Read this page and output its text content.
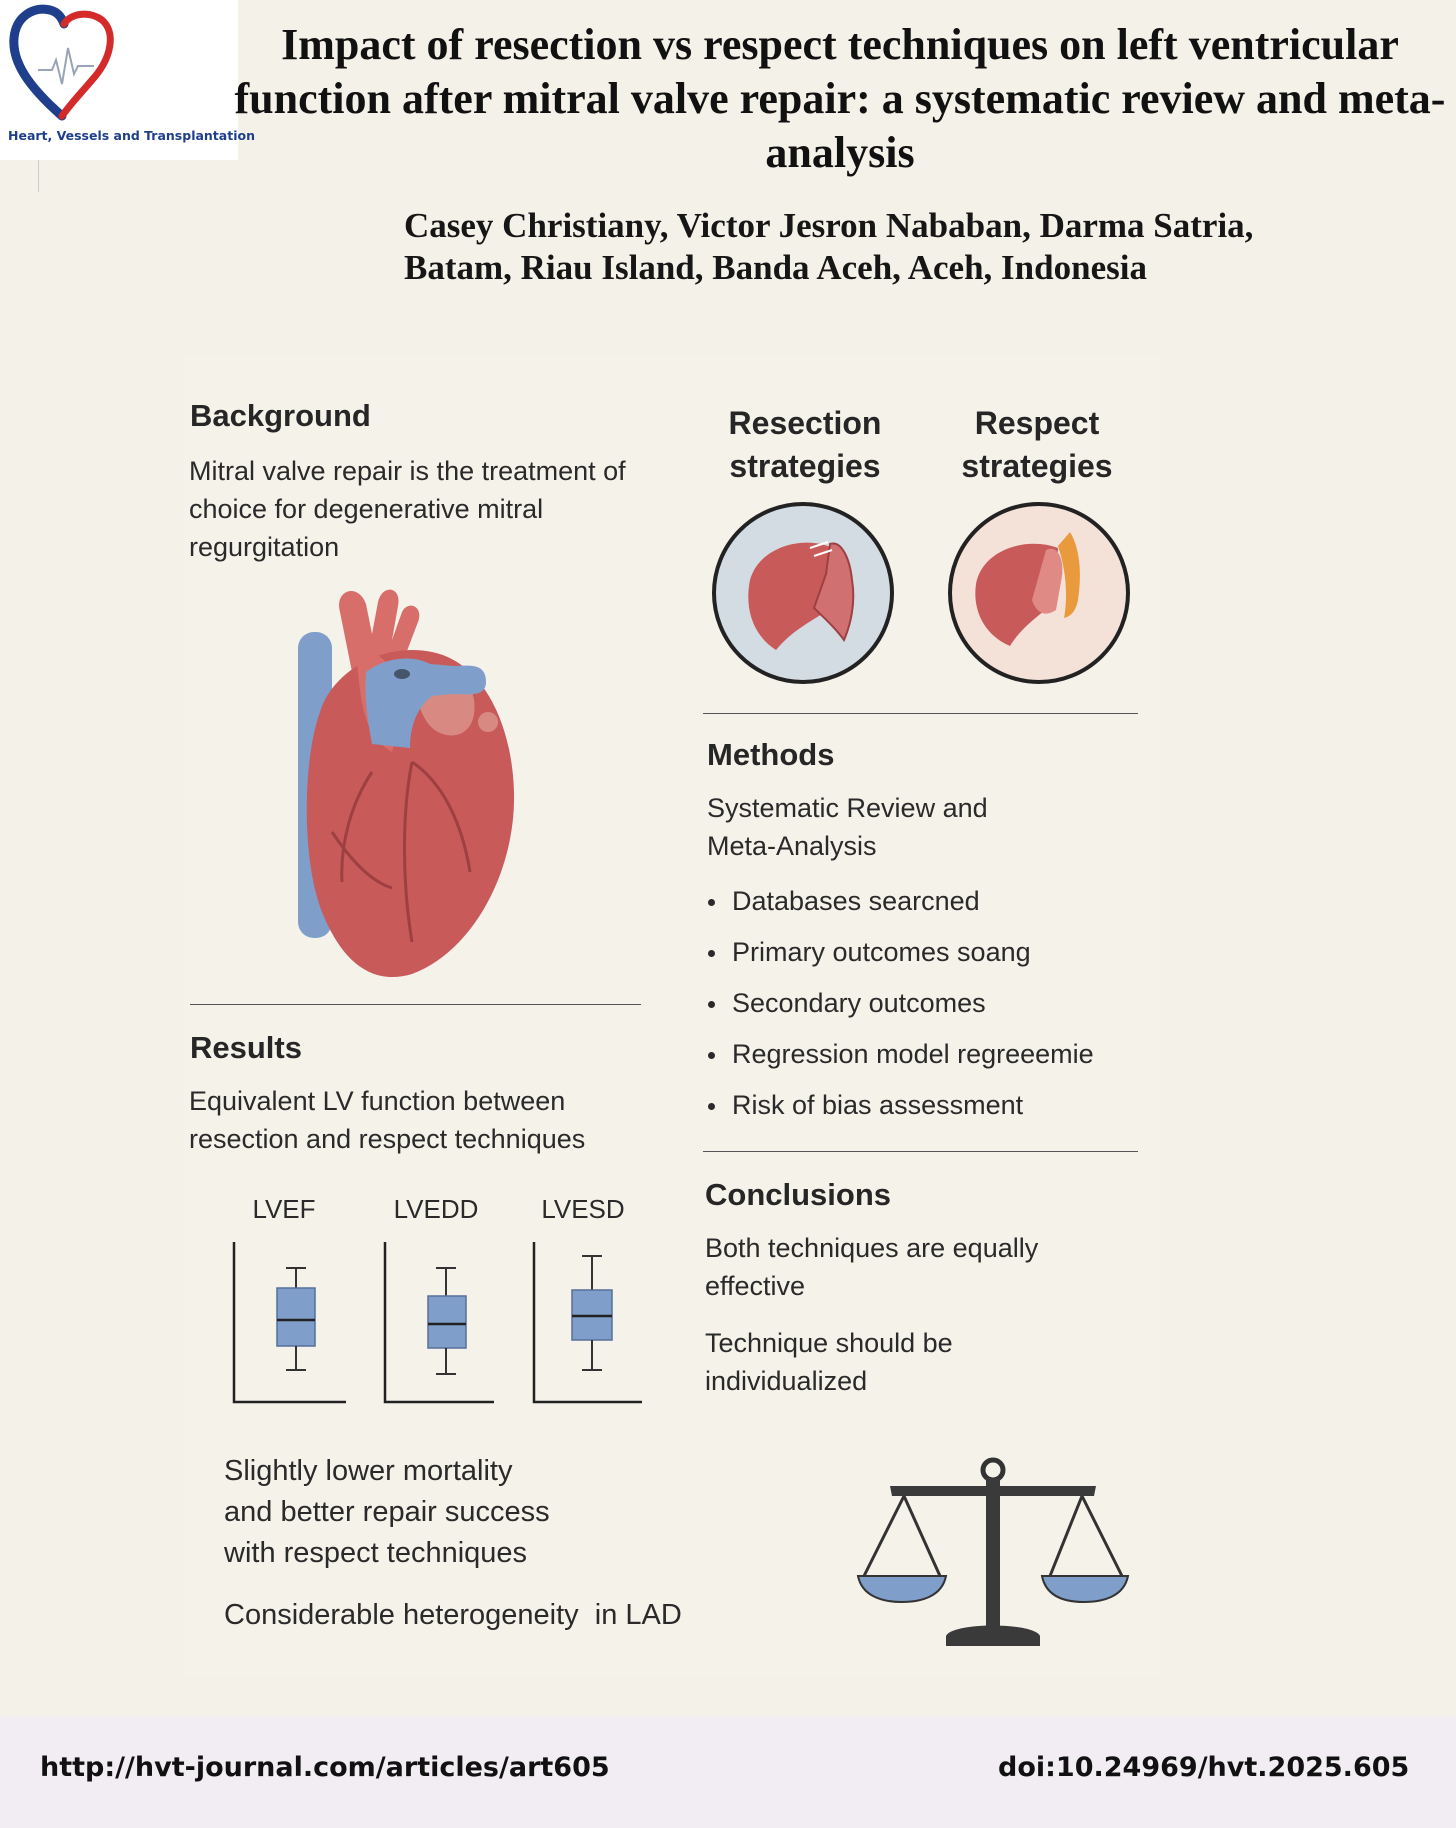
Heart, Vessels and Transplantation
Impact of resection vs respect techniques on left ventricular function after mitral valve repair: a systematic review and meta-analysis
Casey Christiany, Victor Jesron Nababan, Darma Satria,
Batam, Riau Island, Banda Aceh, Aceh, Indonesia
Background
Mitral valve repair is the treatment of choice for degenerative mitral regurgitation
Resection
strategies
Respect
strategies
Methods
Systematic Review and
Meta-Analysis
Databases searcned
Primary outcomes soang
Secondary outcomes
Regression model regreeemie
Risk of bias assessment
Results
Equivalent LV function between resection and respect techniques
LVEF	LVEDD	LVESD	Conclusions
Both techniques are equally effective
Technique should be individualized
Slightly lower mortality
and better repair success
with respect techniques
Considerable heterogeneity  in LAD
http://hvt-journal.com/articles/art605	doi:10.24969/hvt.2025.605
